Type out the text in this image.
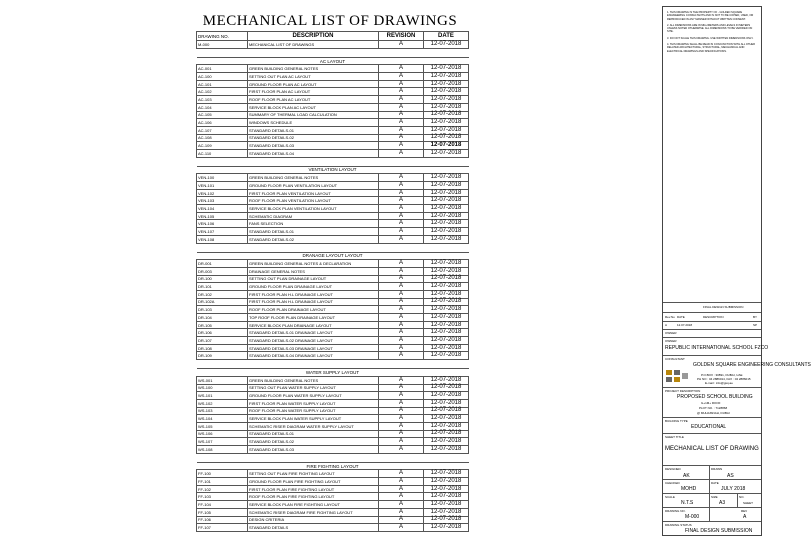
MECHANICAL LIST OF DRAWINGS
DRAWING NO.	DESCRIPTION	REVISION	DATE
M-000	MECHANICAL LIST OF DRAWINGS	A	12-07-2018

AC LAYOUT			
AC-001	GREEN BUILDING GENERAL NOTES	A	12-07-2018
AC-100	SETTING OUT PLAN AC LAYOUT	A	12-07-2018
AC-101	GROUND FLOOR PLAN AC LAYOUT	A	12-07-2018
AC-102	FIRST FLOOR PLAN AC LAYOUT	A	12-07-2018
AC-103	ROOF FLOOR PLAN AC LAYOUT	A	12-07-2018
AC-104	SERVICE BLOCK PLAN AC LAYOUT	A	12-07-2018
AC-105	SUMMARY OF THERMAL LOAD CALCULATION	A	12-07-2018
AC-106	WINDOWS SCHEDULE	A	12-07-2018
AC-107	STANDARD DETAILS-01	A	12-07-2018
AC-108	STANDARD DETAILS-02	A	12-07-2018
AC-109	STANDARD DETAILS-03	A	12-07-2018
AC-110	STANDARD DETAILS-04	A	12-07-2018

VENTILATION LAYOUT			
VEN-100	GREEN BUILDING GENERAL NOTES	A	12-07-2018
VEN-101	GROUND FLOOR PLAN VENTILATION LAYOUT	A	12-07-2018
VEN-102	FIRST FLOOR PLAN VENTILATION LAYOUT	A	12-07-2018
VEN-103	ROOF FLOOR PLAN VENTILATION LAYOUT	A	12-07-2018
VEN-104	SERVICE BLOCK PLAN VENTILATION LAYOUT	A	12-07-2018
VEN-105	SCHEMATIC DIAGRAM	A	12-07-2018
VEN-106	FANS SELECTION	A	12-07-2018
VEN-107	STANDARD DETAILS-01	A	12-07-2018
VEN-108	STANDARD DETAILS-02	A	12-07-2018

DRANAGE LAYOUT LAYOUT			
DR-001	GREEN BUILDING GENERAL NOTES & DECLARATION	A	12-07-2018
DR-003	DRAINAGE GENERAL NOTES	A	12-07-2018
DR-100	SETTING OUT PLAN DRAINAGE LAYOUT	A	12-07-2018
DR-101	GROUND FLOOR PLAN DRAINAGE LAYOUT	A	12-07-2018
DR-102	FIRST FLOOR PLAN H.L DRAINAGE LAYOUT	A	12-07-2018
DR-102A	FIRST FLOOR PLAN H.L DRAINAGE LAYOUT	A	12-07-2018
DR-103	ROOF FLOOR PLAN DRAINAGE LAYOUT	A	12-07-2018
DR-104	TOP ROOF FLOOR PLAN DRAINAGE LAYOUT	A	12-07-2018
DR-105	SERVICE BLOCK PLAN DRAINAGE LAYOUT	A	12-07-2018
DR-106	STANDARD DETAILS-01 DRAINAGE LAYOUT	A	12-07-2018
DR-107	STANDARD DETAILS-02 DRAINAGE LAYOUT	A	12-07-2018
DR-108	STANDARD DETAILS-03 DRAINAGE LAYOUT	A	12-07-2018
DR-109	STANDARD DETAILS-04 DRAINAGE LAYOUT	A	12-07-2018

WATER SUPPLY LAYOUT			
WS-001	GREEN BUILDING GENERAL NOTES	A	12-07-2018
WS-100	SETTING OUT PLAN WATER SUPPLY LAYOUT	A	12-07-2018
WS-101	GROUND FLOOR PLAN WATER SUPPLY LAYOUT	A	12-07-2018
WS-102	FIRST FLOOR PLAN WATER SUPPLY LAYOUT	A	12-07-2018
WS-103	ROOF FLOOR PLAN WATER SUPPLY LAYOUT	A	12-07-2018
WS-104	SERVICE BLOCK PLAN WATER SUPPLY LAYOUT	A	12-07-2018
WS-105	SCHEMATIC RISER DIAGRAM WATER SUPPLY LAYOUT	A	12-07-2018
WS-106	STANDARD DETAILS-01	A	12-07-2018
WS-107	STANDARD DETAILS-02	A	12-07-2018
WS-108	STANDARD DETAILS-03	A	12-07-2018

FIRE FIGHTING LAYOUT			
FF-100	SETTING OUT PLAN FIRE FIGHTING LAYOUT	A	12-07-2018
FF-101	GROUND FLOOR PLAN FIRE FIGHTING LAYOUT	A	12-07-2018
FF-102	FIRST FLOOR PLAN FIRE FIGHTING LAYOUT	A	12-07-2018
FF-103	ROOF FLOOR PLAN FIRE FIGHTING LAYOUT	A	12-07-2018
FF-104	SERVICE BLOCK PLAN FIRE FIGHTING LAYOUT	A	12-07-2018
FF-105	SCHEMATIC RISER DIAGRAM FIRE FIGHTING LAYOUT	A	12-07-2018
FF-106	DESIGN CRITERIA	A	12-07-2018
FF-107	STANDARD DETAILS	A	12-07-2018

1. THIS DRAWING IS THE PROPERTY OF - GOLDEN SQUARE ENGINEERING CONSULTANTS AND IS NOT TO BE COPIED, USED, OR REPRODUCED IN ANY MANNER WITHOUT WRITTEN CONSENT.

2. ALL DIMENSIONS ARE IN MILLIMETERS AND LEVELS IN METERS UNLESS NOTED OTHERWISE. ALL DIMENSIONS TO BE VERIFIED ON SITE.

3. DO NOT SCALE THIS DRAWING. USE WRITTEN DIMENSIONS ONLY.

4. THIS DRAWING SHALL BE READ IN CONJUNCTION WITH ALL OTHER RELATED ARCHITECTURAL, STRUCTURAL, MECHANICAL AND ELECTRICAL DRAWINGS AND SPECIFICATIONS.

FINAL DESIGN SUBMISSION
Rev.No DATE	DESCRIPTION	BY
A	12.07.2018	SP
OWNER
OWNER
REPUBLIC INTERNATIONAL SCHOOL FZCO
CONSULTANT
GOLDEN SQUARE ENGINEERING CONSULTANTS
P.O.BOX : 30891, DUBAI, UAE
PH NO : 04 2886014, FAX : 04 2886015
E-mail : info@gsq.ae
PROJECT DESCRIPTION
PROPOSED SCHOOL BUILDING
G+1M+ ROOF
PLOT NO. : 7128868
@ MUHAISNAH, DUBAI
BUILDING TYPE
EDUCATIONAL
SHEET TITLE
MECHANICAL LIST OF DRAWING
DESIGNED	DRAWN
AK	AS
CHECKED	DATE
MOHD	JULY 2018
SCALE	SIZE	NO.
N.T.S	A3	SHEET
DRAWING NO.	REV
M-000	A
DRAWING STATUS
FINAL DESIGN SUBMISSION
